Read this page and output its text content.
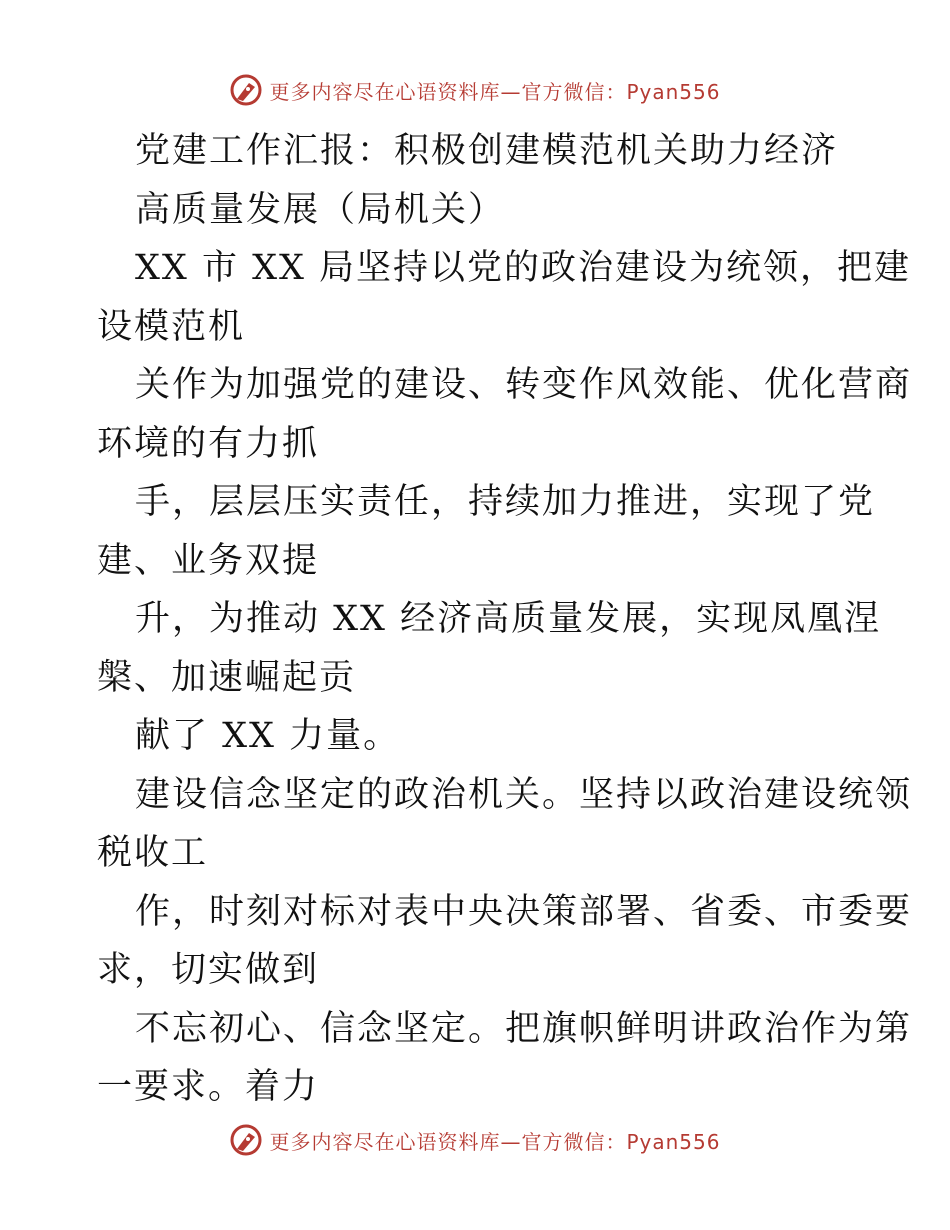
更多内容尽在心语资料库—官方微信：Pyan556
党建工作汇报：积极创建模范机关助力经济
高质量发展（局机关）
XX 市 XX 局坚持以党的政治建设为统领，把建
设模范机
关作为加强党的建设、转变作风效能、优化营商
环境的有力抓
手，层层压实责任，持续加力推进，实现了党
建、业务双提
升，为推动 XX 经济高质量发展，实现凤凰涅
槃、加速崛起贡
献了 XX 力量。
建设信念坚定的政治机关。坚持以政治建设统领
税收工
作，时刻对标对表中央决策部署、省委、市委要
求，切实做到
不忘初心、信念坚定。把旗帜鲜明讲政治作为第
一要求。着力
更多内容尽在心语资料库—官方微信：Pyan556
